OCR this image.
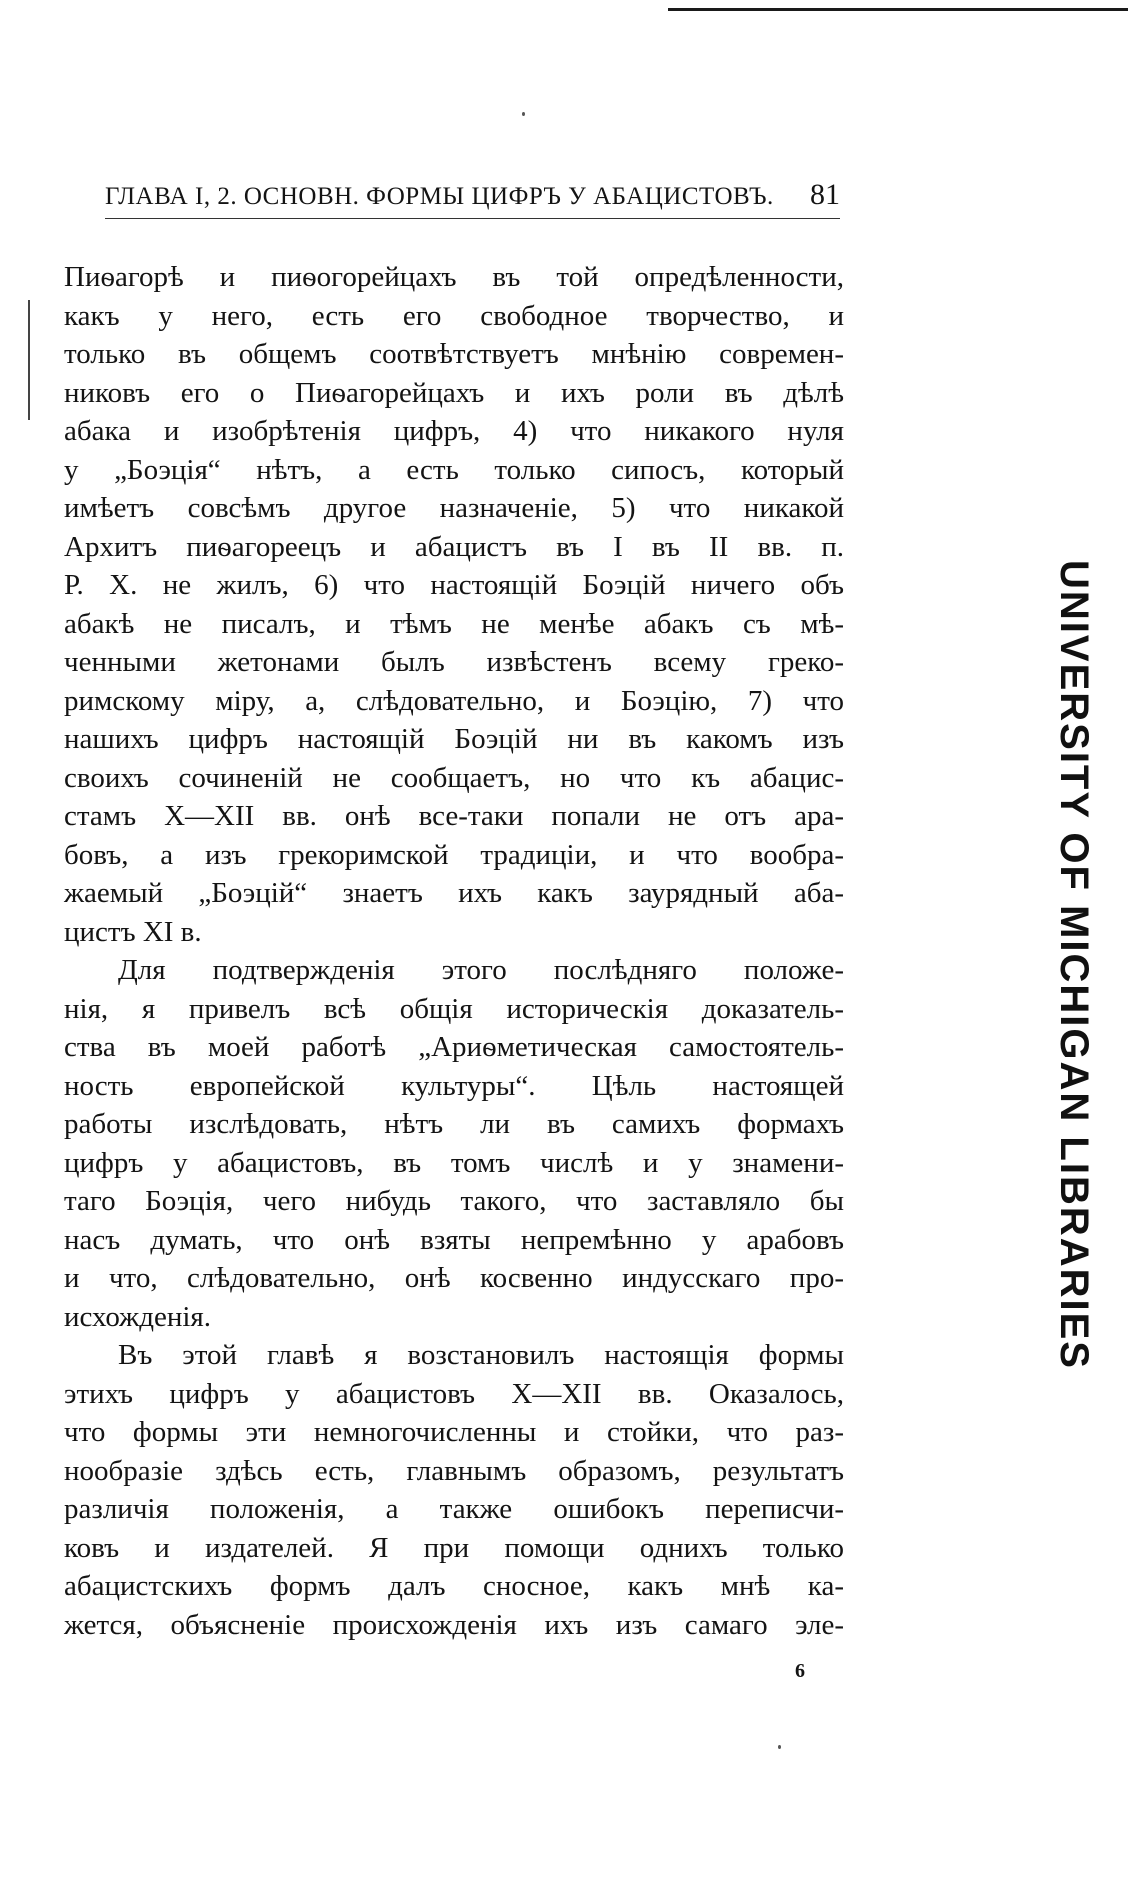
ГЛАВА I, 2. ОСНОВН. ФОРМЫ ЦИФРЪ У АБАЦИСТОВЪ. 81
Пиѳагорѣ и пиѳогорейцахъ въ той опредѣленности,
какъ у него, есть его свободное творчество, и
только въ общемъ соотвѣтствуетъ мнѣнію современ-
никовъ его о Пиѳагорейцахъ и ихъ роли въ дѣлѣ
абака и изобрѣтенія цифръ, 4) что никакого нуля
у „Боэція“ нѣтъ, а есть только сипосъ, который
имѣетъ совсѣмъ другое назначеніе, 5) что никакой
Архитъ пиѳагореецъ и абацистъ въ I въ II вв. п.
Р. Х. не жилъ, 6) что настоящій Боэцій ничего объ
абакѣ не писалъ, и тѣмъ не менѣе абакъ съ мѣ-
ченными жетонами былъ извѣстенъ всему греко-
римскому міру, а, слѣдовательно, и Боэцію, 7) что
нашихъ цифръ настоящій Боэцій ни въ какомъ изъ
своихъ сочиненій не сообщаетъ, но что къ абацис-
стамъ X—XII вв. онѣ все-таки попали не отъ ара-
бовъ, а изъ грекоримской традиціи, и что вообра-
жаемый „Боэцій“ знаетъ ихъ какъ заурядный аба-
цистъ XI в.
Для подтвержденія этого послѣдняго положе-
нія, я привелъ всѣ общія историческія доказатель-
ства въ моей работѣ „Ариѳметическая самостоятель-
ность европейской культуры“. Цѣль настоящей
работы изслѣдовать, нѣтъ ли въ самихъ формахъ
цифръ у абацистовъ, въ томъ числѣ и у знамени-
таго Боэція, чего нибудь такого, что заставляло бы
насъ думать, что онѣ взяты непремѣнно у арабовъ
и что, слѣдовательно, онѣ косвенно индусскаго про-
исхожденія.
Въ этой главѣ я возстановилъ настоящія формы
этихъ цифръ у абацистовъ X—XII вв. Оказалось,
что формы эти немногочисленны и стойки, что раз-
нообразіе здѣсь есть, главнымъ образомъ, результатъ
различія положенія, а также ошибокъ переписчи-
ковъ и издателей. Я при помощи однихъ только
абацистскихъ формъ далъ сносное, какъ мнѣ ка-
жется, объясненіе происхожденія ихъ изъ самаго эле-
6
UNIVERSITY OF MICHIGAN LIBRARIES
